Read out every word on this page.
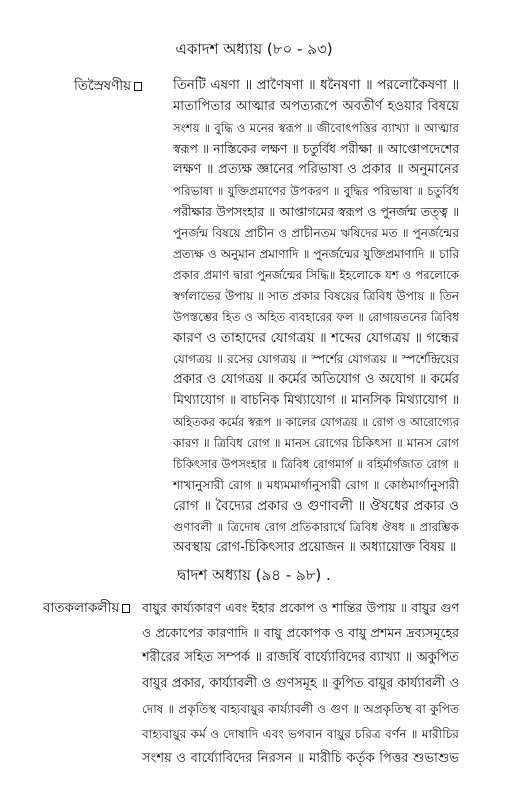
একাদশ অধ্যায় (৮০ - ৯৩)
তিস্রৈষণীয়	তিনটি এষণা ॥ প্রাণৈষণা ॥ ধনৈষণা ॥ পরলোকৈষণা ॥
মাতাপিতার আত্মার অপত্যরূপে অবতীর্ণ হওয়ার বিষয়ে
সংশয় ॥ বুদ্ধি ও মনের স্বরূপ ॥ জীবোৎপত্তির ব্যাখ্যা ॥ আত্মার
স্বরূপ ॥ নাস্তিকের লক্ষণ ॥ চতুর্বিধ পরীক্ষা ॥ আপ্তোপদেশের
লক্ষণ ॥ প্রত্যক্ষ জ্ঞানের পরিভাষা ও প্রকার ॥ অনুমানের
পরিভাষা ॥ যুক্তিপ্রমাণের উপকরণ ॥ বুদ্ধির পরিভাষা ॥ চতুর্বিধ
পরীক্ষার উপসংহার ॥ আপ্তাগমের স্বরূপ ও পুনর্জন্ম তত্ত্ব ॥
পুনর্জন্ম বিষয়ে প্রাচীন ও প্রাচীনতম ঋষিদের মত ॥ পুনর্জন্মের
প্রত্যক্ষ ও অনুমান প্রমাণাদি ॥ পুনর্জন্মের যুক্তিপ্রমাণাদি ॥ চারি
প্রকার প্রমাণ দ্বারা পুনর্জন্মের সিদ্ধি॥ ইহলোকে যশ ও পরলোকে
স্বর্গলাভের উপায় ॥ সাত প্রকার বিষয়ের ত্রিবিধ উপায় ॥ তিন
উপস্তম্ভের হিত ও অহিত ব্যবহারের ফল ॥ রোগায়তনের ত্রিবিধ
কারণ ও তাহাদের যোগত্রয় ॥ শব্দের যোগত্রয় ॥ গন্ধের
যোগত্রয় ॥ রসের যোগত্রয় ॥ স্পর্শের যোগত্রয় ॥ স্পর্শেন্দ্রিয়ের
প্রকার ও যোগত্রয় ॥ কর্মের অতিযোগ ও অযোগ ॥ কর্মের
মিথ্যাযোগ ॥ বাচনিক মিথ্যাযোগ ॥ মানসিক মিথ্যাযোগ ॥
অহিতকর কর্মের স্বরূপ ॥ কালের যোগত্রয় ॥ রোগ ও আরোগ্যের
কারণ ॥ ত্রিবিধ রোগ ॥ মানস রোগের চিকিৎসা ॥ মানস রোগ
চিকিৎসার উপসংহার ॥ ত্রিবিধ রোগমার্গ ॥ বহির্মার্গজাত রোগ ॥
শাখানুসারী রোগ ॥ মধ্যমমার্গানুসারী রোগ ॥ কোষ্ঠমার্গানুসারী
রোগ ॥ বৈদ্যের প্রকার ও গুণাবলী ॥ ঔষধের প্রকার ও
গুণাবলী ॥ ত্রিদোষ রোগ প্রতিকারার্থে ত্রিবিধ ঔষধ ॥ প্রারম্ভিক
অবস্থায় রোগ-চিকিৎসার প্রয়োজন ॥ অধ্যায়োক্ত বিষয় ॥
দ্বাদশ অধ্যায় (৯৪ - ৯৮) .
বাতকলাকলীয়	বায়ুর কার্য্যকারণ এবং ইহার প্রকোপ ও শান্তির উপায় ॥ বায়ুর গুণ
ও প্রকোপের কারণাদি ॥ বায়ু প্রকোপক ও বায়ু প্রশমন দ্রব্যসমূহের
শরীরের সহিত সম্পর্ক ॥ রাজর্ষি বার্য্যোবিদের ব্যাখ্যা ॥ অকুপিত
বায়ুর প্রকার, কার্য্যাবলী ও গুণসমূহ ॥ কুপিত বায়ুর কার্য্যাবলী ও
দোষ ॥ প্রকৃতিস্থ বাহ্যবায়ুর কার্য্যাবলী ও গুণ ॥ অপ্রকৃতিস্থ বা কুপিত
বাহ্যবায়ুর কর্ম ও দোষাদি এবং ভগবান বায়ুর চরিত্র বর্ণন ॥ মারীচির
সংশয় ও বার্য্যোবিদের নিরসন ॥ মারীচি কর্তৃক পিত্তর শুভাশুভ
